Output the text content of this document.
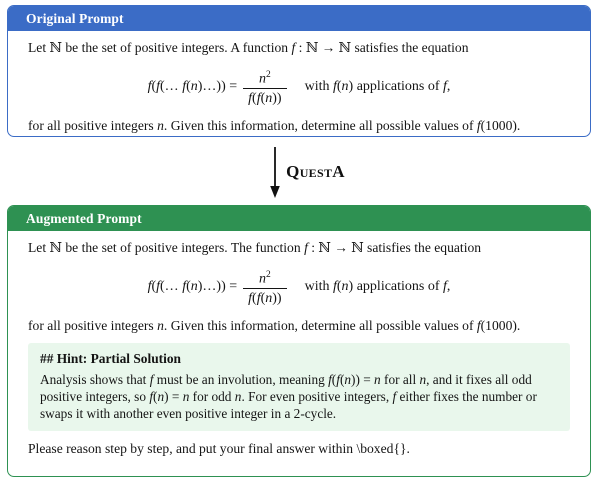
Original Prompt

Let ℕ be the set of positive integers. A function f : ℕ → ℕ satisfies the equation

f(f(… f(n)…)) = $\frac{n^2}{f(f(n))}$ with f(n) applications of f,

for all positive integers n. Given this information, determine all possible values of f(1000).

QuestA
Augmented Prompt

Let ℕ be the set of positive integers. The function f : ℕ → ℕ satisfies the equation

f(f(… f(n)…)) = $\frac{n^2}{f(f(n))}$ with f(n) applications of f,

for all positive integers n. Given this information, determine all possible values of f(1000).

## Hint: Partial Solution

Analysis shows that f must be an involution, meaning f(f(n)) = n for all n, and it fixes all odd positive integers, so f(n) = n for odd n. For even positive integers, f either fixes the number or swaps it with another even positive integer in a 2-cycle.

Please reason step by step, and put your final answer within \boxed{}.
